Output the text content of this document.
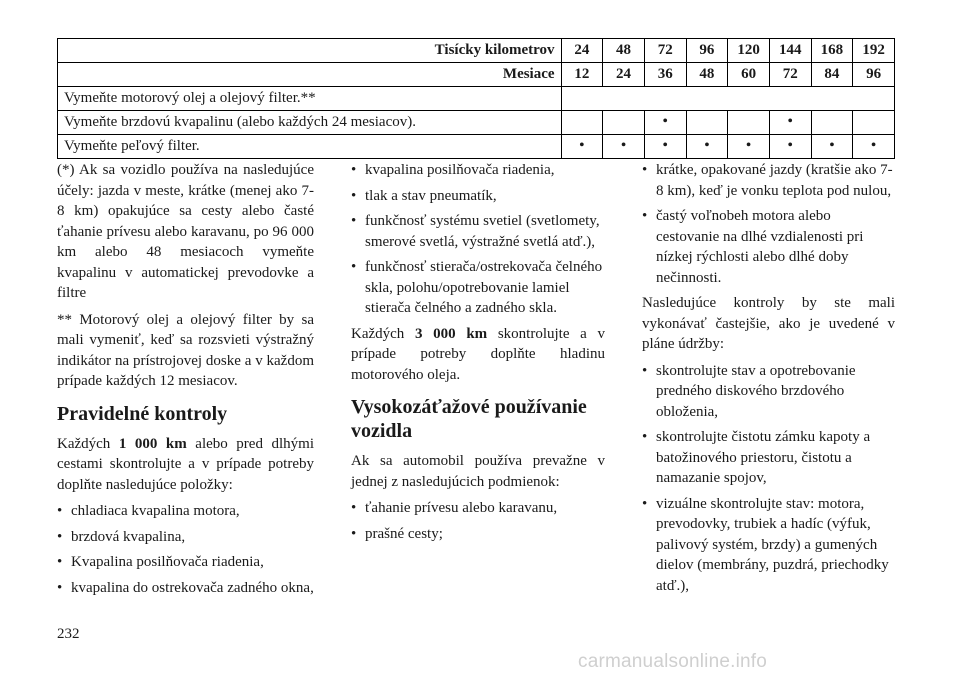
Tisícky kilometrov	24	48	72	96	120	144	168	192
Mesiace	12	24	36	48	60	72	84	96
Vymeňte motorový olej a olejový filter.**								
Vymeňte brzdovú kvapalinu (alebo každých 24 mesiacov).			•			•		
Vymeňte peľový filter.	•	•	•	•	•	•	•	•

(*) Ak sa vozidlo používa na nasledujúce účely: jazda v meste, krátke (menej ako 7-8 km) opakujúce sa cesty alebo časté ťahanie prívesu alebo karavanu, po 96 000 km alebo 48 mesiacoch vymeňte kvapalinu v automatickej prevodovke a filtre

** Motorový olej a olejový filter by sa mali vymeniť, keď sa rozsvieti výstražný indikátor na prístrojovej doske a v každom prípade každých 12 mesiacov.

Pravidelné kontroly

Každých 1 000 km alebo pred dlhými cestami skontrolujte a v prípade potreby doplňte nasledujúce položky:

• chladiaca kvapalina motora,
• brzdová kvapalina,
• Kvapalina posilňovača riadenia,
• kvapalina do ostrekovača zadného okna,
• kvapalina posilňovača riadenia,
• tlak a stav pneumatík,
• funkčnosť systému svetiel (svetlomety, smerové svetlá, výstražné svetlá atď.),
• funkčnosť stierača/ostrekovača čelného skla, polohu/opotrebovanie lamiel stierača čelného a zadného skla.

Každých 3 000 km skontrolujte a v prípade potreby doplňte hladinu motorového oleja.

Vysokozáťažové používanie vozidla

Ak sa automobil používa prevažne v jednej z nasledujúcich podmienok:

• ťahanie prívesu alebo karavanu,
• prašné cesty;
• krátke, opakované jazdy (kratšie ako 7-8 km), keď je vonku teplota pod nulou,
• častý voľnobeh motora alebo cestovanie na dlhé vzdialenosti pri nízkej rýchlosti alebo dlhé doby nečinnosti.

Nasledujúce kontroly by ste mali vykonávať častejšie, ako je uvedené v pláne údržby:

• skontrolujte stav a opotrebovanie predného diskového brzdového obloženia,
• skontrolujte čistotu zámku kapoty a batožinového priestoru, čistotu a namazanie spojov,
• vizuálne skontrolujte stav: motora, prevodovky, trubiek a hadíc (výfuk, palivový systém, brzdy) a gumených dielov (membrány, puzdrá, priechodky atď.),
232
carmanualsonline.info
